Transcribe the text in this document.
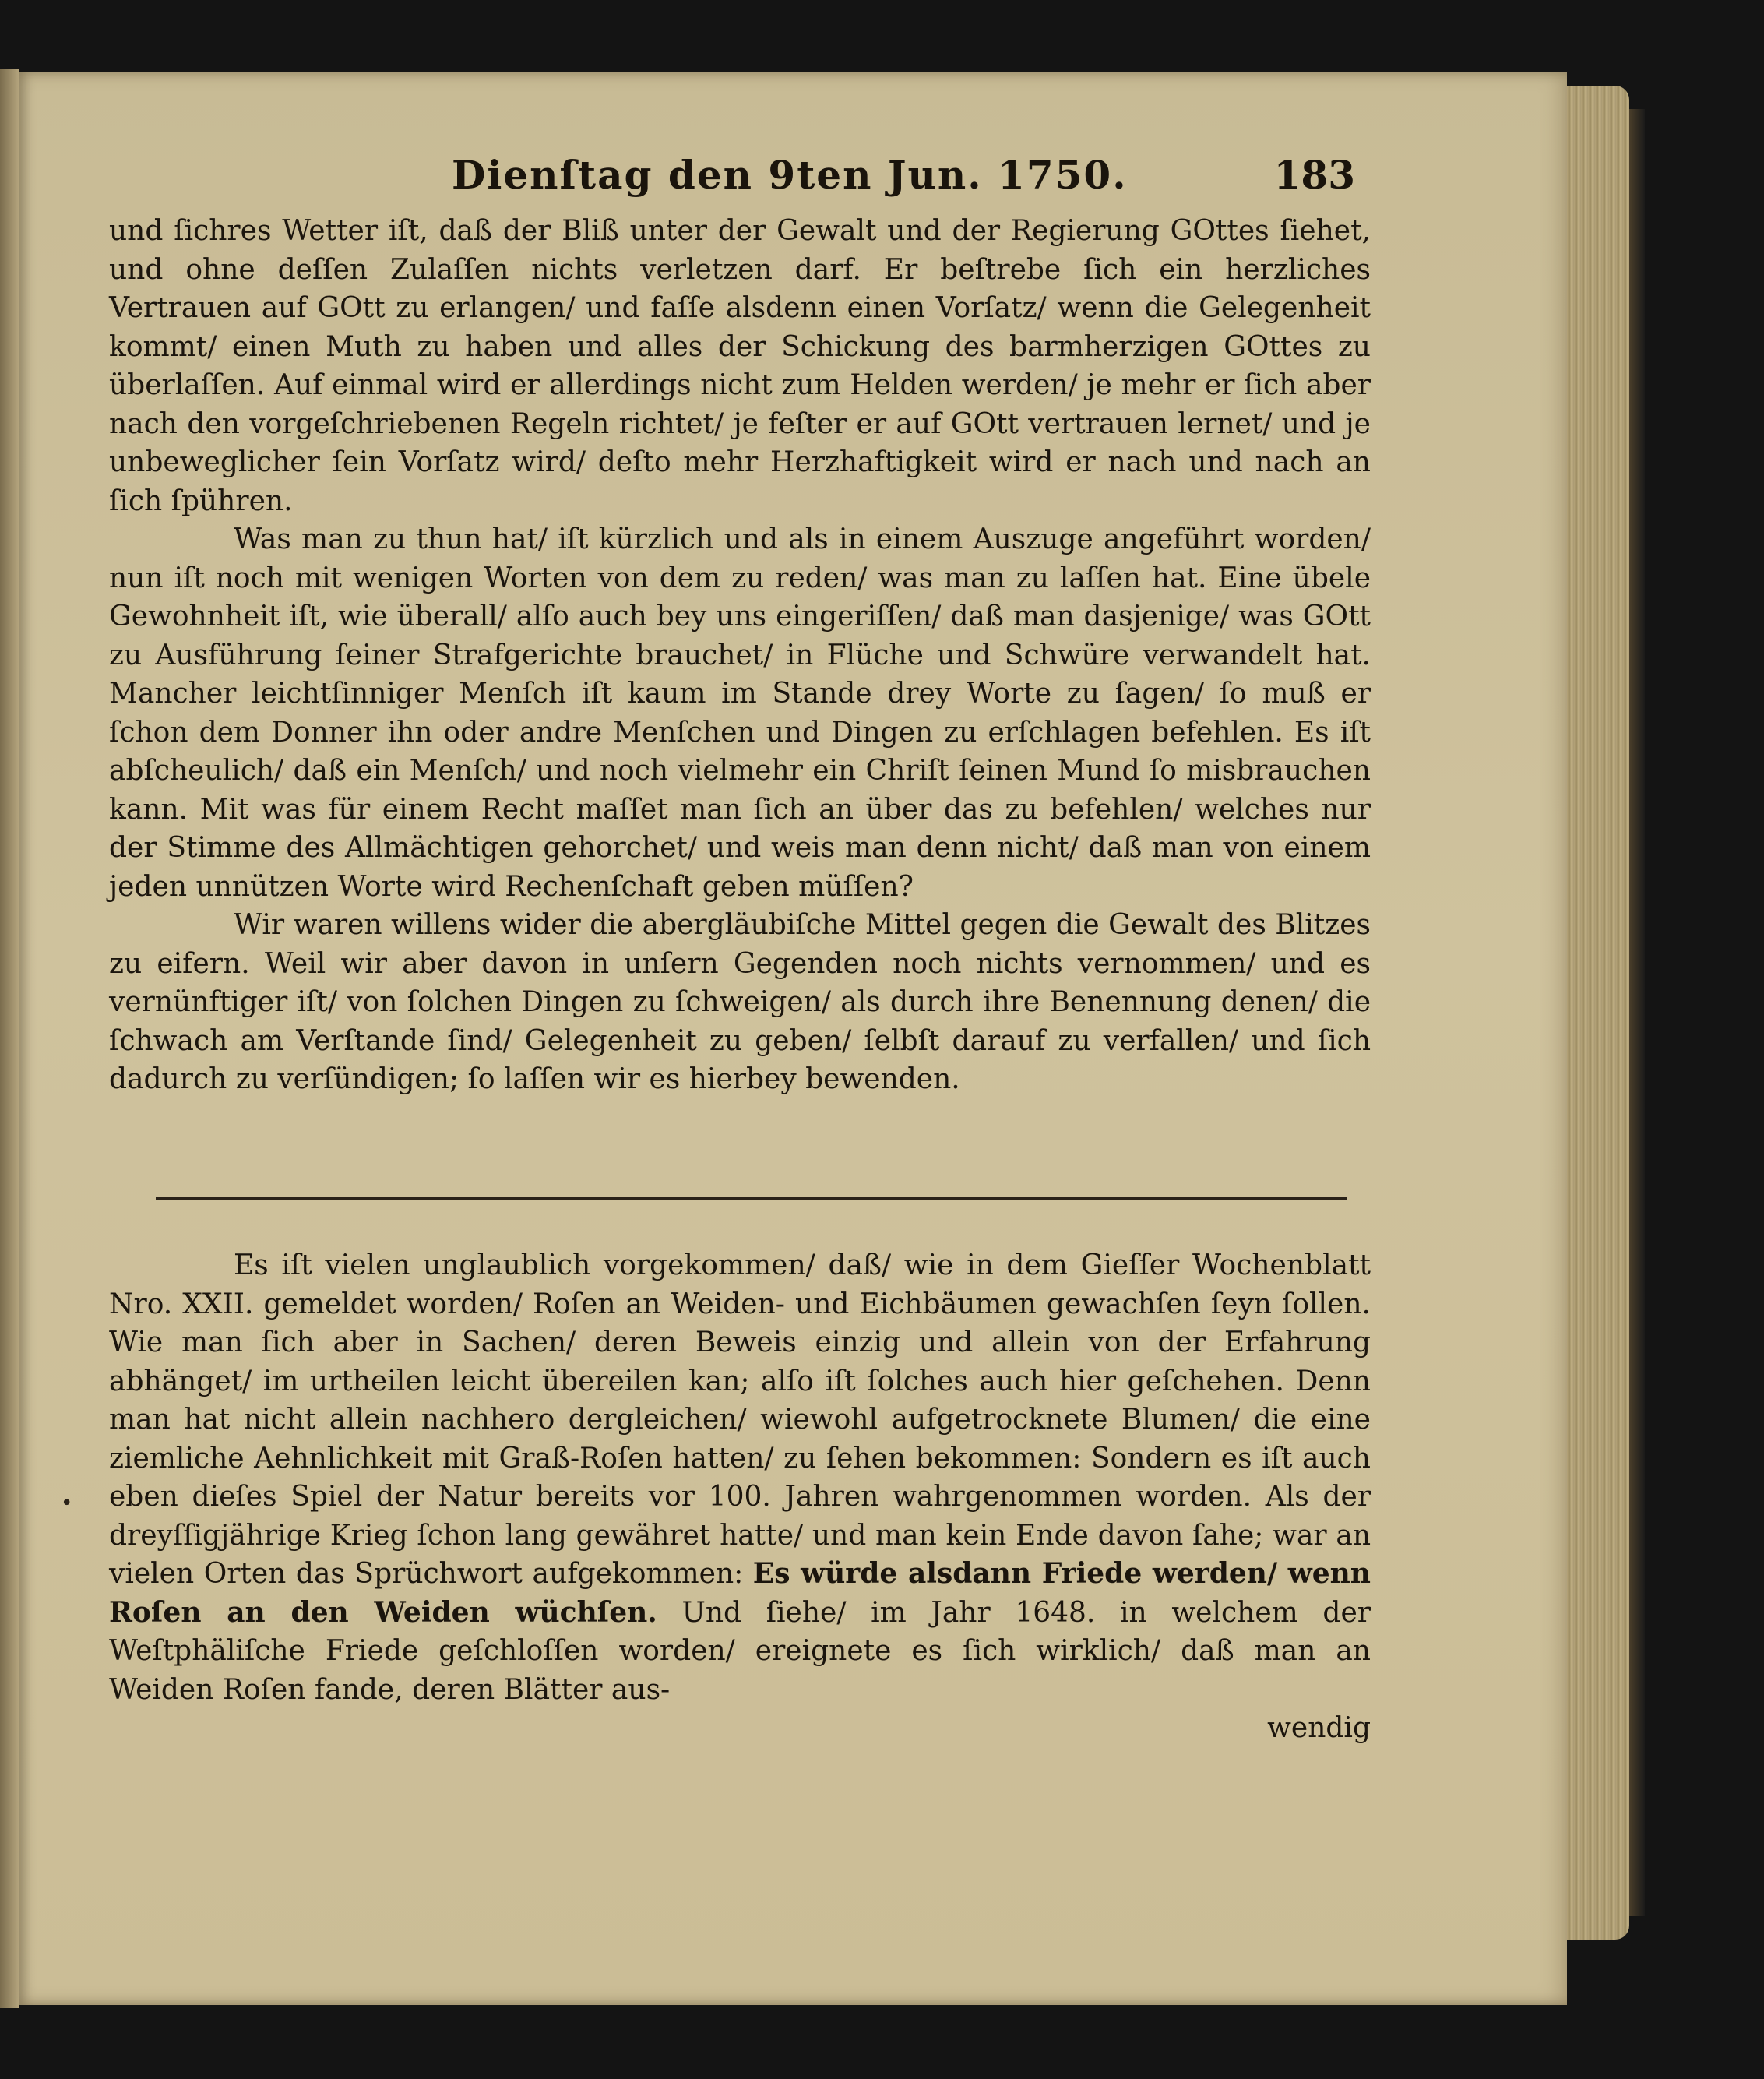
Dienſtag den 9ten Jun. 1750.	183

und ſichres Wetter iſt, daß der Bliß unter der Gewalt und der Regierung GOttes ſiehet, und ohne deſſen Zulaſſen nichts verletzen darf. Er beſtrebe ſich ein herzliches Vertrauen auf GOtt zu erlangen/ und faſſe alsdenn einen Vorſatz/ wenn die Gelegenheit kommt/ einen Muth zu haben und alles der Schickung des barmherzigen GOttes zu überlaſſen. Auf einmal wird er allerdings nicht zum Helden werden/ je mehr er ſich aber nach den vorgeſchriebenen Regeln richtet/ je feſter er auf GOtt vertrauen lernet/ und je unbeweglicher ſein Vorſatz wird/ deſto mehr Herzhaftigkeit wird er nach und nach an ſich ſpühren.

Was man zu thun hat/ iſt kürzlich und als in einem Auszuge angeführt worden/ nun iſt noch mit wenigen Worten von dem zu reden/ was man zu laſſen hat. Eine übele Gewohnheit iſt, wie überall/ alſo auch bey uns eingeriſſen/ daß man dasjenige/ was GOtt zu Ausführung ſeiner Strafgerichte brauchet/ in Flüche und Schwüre verwandelt hat. Mancher leichtſinniger Menſch iſt kaum im Stande drey Worte zu ſagen/ ſo muß er ſchon dem Donner ihn oder andre Menſchen und Dingen zu erſchlagen befehlen. Es iſt abſcheulich/ daß ein Menſch/ und noch vielmehr ein Chriſt ſeinen Mund ſo misbrauchen kann. Mit was für einem Recht maſſet man ſich an über das zu befehlen/ welches nur der Stimme des Allmächtigen gehorchet/ und weis man denn nicht/ daß man von einem jeden unnützen Worte wird Rechenſchaft geben müſſen?

Wir waren willens wider die abergläubiſche Mittel gegen die Gewalt des Blitzes zu eifern. Weil wir aber davon in unſern Gegenden noch nichts vernommen/ und es vernünftiger iſt/ von ſolchen Dingen zu ſchweigen/ als durch ihre Benennung denen/ die ſchwach am Verſtande ſind/ Gelegenheit zu geben/ ſelbſt darauf zu verfallen/ und ſich dadurch zu verſündigen; ſo laſſen wir es hierbey bewenden.

•

Es iſt vielen unglaublich vorgekommen/ daß/ wie in dem Gieſſer Wochenblatt Nro. XXII. gemeldet worden/ Roſen an Weiden- und Eichbäumen gewachſen ſeyn ſollen. Wie man ſich aber in Sachen/ deren Beweis einzig und allein von der Erfahrung abhänget/ im urtheilen leicht übereilen kan; alſo iſt ſolches auch hier geſchehen. Denn man hat nicht allein nachhero dergleichen/ wiewohl aufgetrocknete Blumen/ die eine ziemliche Aehnlichkeit mit Graß-Roſen hatten/ zu ſehen bekommen: Sondern es iſt auch eben dieſes Spiel der Natur bereits vor 100. Jahren wahrgenommen worden. Als der dreyſſigjährige Krieg ſchon lang gewähret hatte/ und man kein Ende davon ſahe; war an vielen Orten das Sprüchwort aufgekommen: Es würde alsdann Friede werden/ wenn Roſen an den Weiden wüchſen. Und ſiehe/ im Jahr 1648. in welchem der Weſtphäliſche Friede geſchloſſen worden/ ereignete es ſich wirklich/ daß man an Weiden Roſen fande, deren Blätter aus-
wendig
